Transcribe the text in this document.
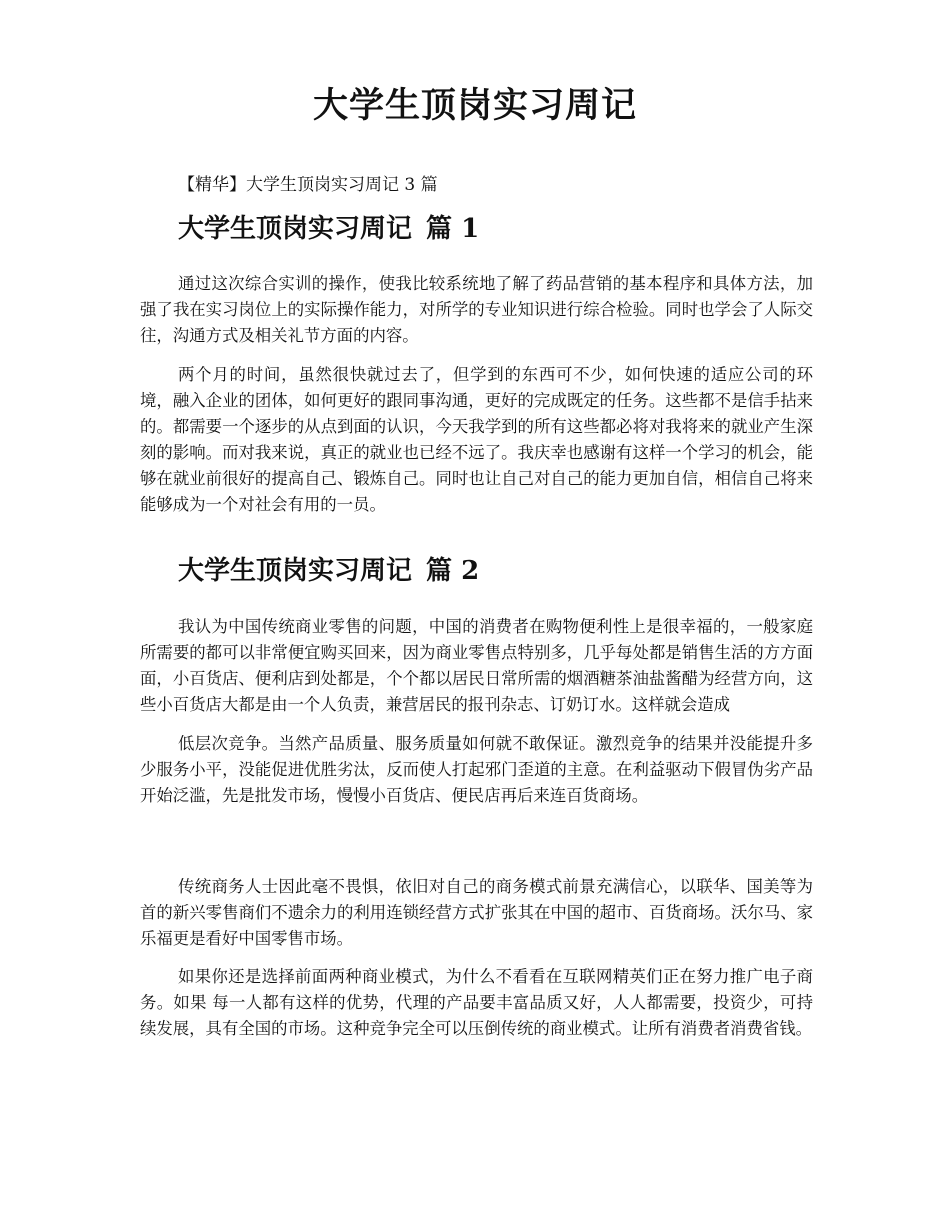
大学生顶岗实习周记

【精华】大学生顶岗实习周记 3 篇

大学生顶岗实习周记 篇 1

通过这次综合实训的操作，使我比较系统地了解了药品营销的基本程序和具体方法，加强了我在实习岗位上的实际操作能力，对所学的专业知识进行综合检验。同时也学会了人际交往，沟通方式及相关礼节方面的内容。

两个月的时间，虽然很快就过去了，但学到的东西可不少，如何快速的适应公司的环境，融入企业的团体，如何更好的跟同事沟通，更好的完成既定的任务。这些都不是信手拈来的。都需要一个逐步的从点到面的认识，今天我学到的所有这些都必将对我将来的就业产生深刻的影响。而对我来说，真正的就业也已经不远了。我庆幸也感谢有这样一个学习的机会，能够在就业前很好的提高自己、锻炼自己。同时也让自己对自己的能力更加自信，相信自己将来能够成为一个对社会有用的一员。

大学生顶岗实习周记 篇 2

我认为中国传统商业零售的问题，中国的消费者在购物便利性上是很幸福的，一般家庭所需要的都可以非常便宜购买回来，因为商业零售点特别多，几乎每处都是销售生活的方方面面，小百货店、便利店到处都是，个个都以居民日常所需的烟酒糖茶油盐酱醋为经营方向，这些小百货店大都是由一个人负责，兼营居民的报刊杂志、订奶订水。这样就会造成

低层次竞争。当然产品质量、服务质量如何就不敢保证。激烈竞争的结果并没能提升多少服务小平，没能促进优胜劣汰，反而使人打起邪门歪道的主意。在利益驱动下假冒伪劣产品开始泛滥，先是批发市场，慢慢小百货店、便民店再后来连百货商场。

传统商务人士因此毫不畏惧，依旧对自己的商务模式前景充满信心，以联华、国美等为首的新兴零售商们不遗余力的利用连锁经营方式扩张其在中国的超市、百货商场。沃尔马、家乐福更是看好中国零售市场。

如果你还是选择前面两种商业模式，为什么不看看在互联网精英们正在努力推广电子商务。如果 每一人都有这样的优势，代理的产品要丰富品质又好，人人都需要，投资少，可持续发展，具有全国的市场。这种竞争完全可以压倒传统的商业模式。让所有消费者消费省钱。
